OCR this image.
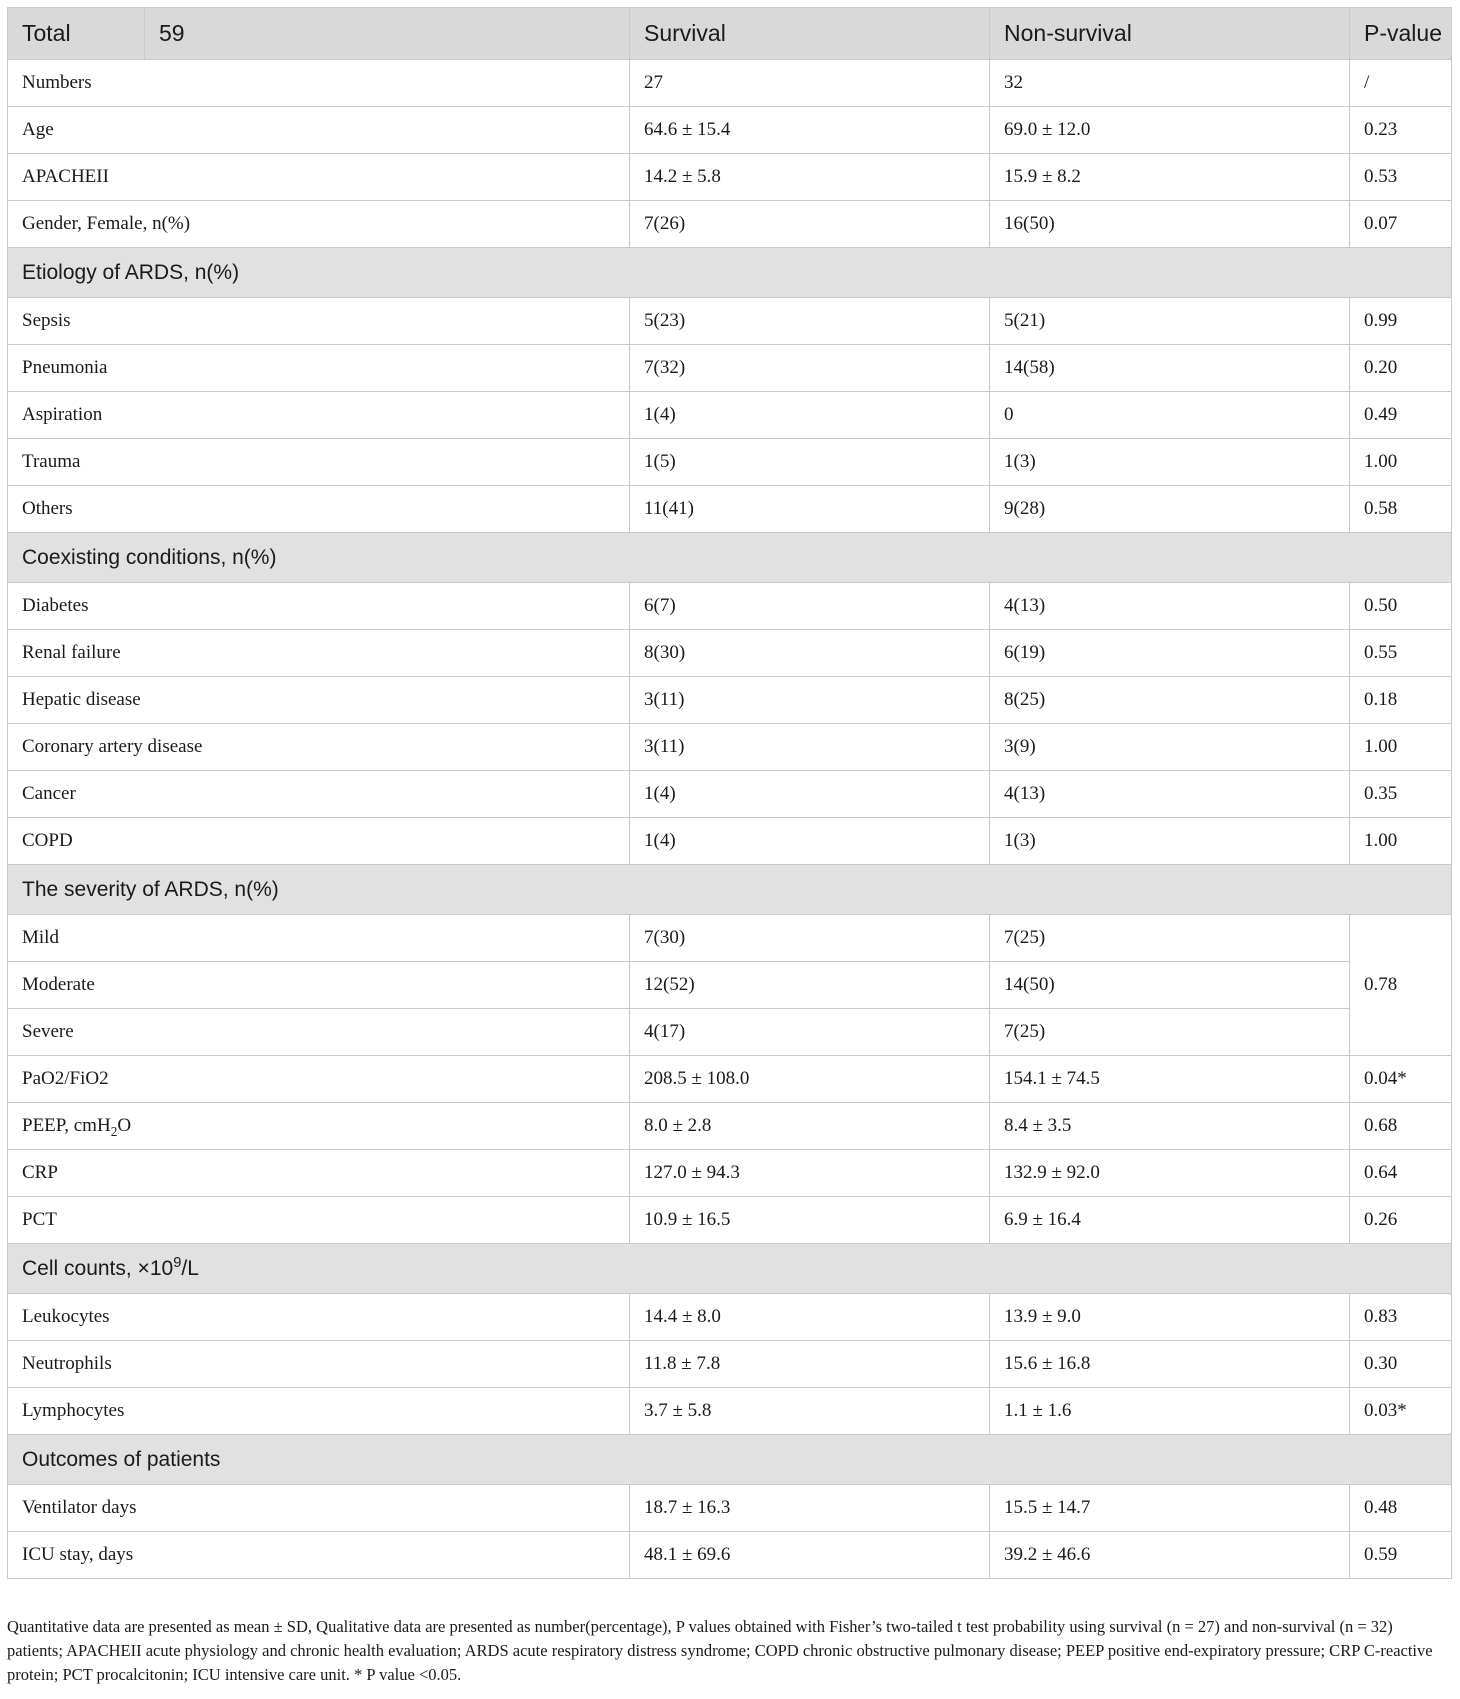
Total	59	Survival	Non-survival	P-value
Numbers		27	32	/
Age		64.6 ± 15.4	69.0 ± 12.0	0.23
APACHEII		14.2 ± 5.8	15.9 ± 8.2	0.53
Gender, Female, n(%)		7(26)	16(50)	0.07
Etiology of ARDS, n(%)				
Sepsis		5(23)	5(21)	0.99
Pneumonia		7(32)	14(58)	0.20
Aspiration		1(4)	0	0.49
Trauma		1(5)	1(3)	1.00
Others		11(41)	9(28)	0.58
Coexisting conditions, n(%)				
Diabetes		6(7)	4(13)	0.50
Renal failure		8(30)	6(19)	0.55
Hepatic disease		3(11)	8(25)	0.18
Coronary artery disease		3(11)	3(9)	1.00
Cancer		1(4)	4(13)	0.35
COPD		1(4)	1(3)	1.00
The severity of ARDS, n(%)				
Mild		7(30)	7(25)	0.78
Moderate		12(52)	14(50)	
Severe		4(17)	7(25)	
PaO2/FiO2		208.5 ± 108.0	154.1 ± 74.5	0.04*
PEEP, cmH$_2$O		8.0 ± 2.8	8.4 ± 3.5	0.68
CRP		127.0 ± 94.3	132.9 ± 92.0	0.64
PCT		10.9 ± 16.5	6.9 ± 16.4	0.26
Cell counts, $\times 10^9/L$				
Leukocytes		14.4 ± 8.0	13.9 ± 9.0	0.83
Neutrophils		11.8 ± 7.8	15.6 ± 16.8	0.30
Lymphocytes		3.7 ± 5.8	1.1 ± 1.6	0.03*
Outcomes of patients				
Ventilator days		18.7 ± 16.3	15.5 ± 14.7	0.48
ICU stay, days		48.1 ± 69.6	39.2 ± 46.6	0.59
Quantitative data are presented as mean ± SD, Qualitative data are presented as number(percentage), P values obtained with Fisher’s two-tailed t test probability using survival (n = 27) and non-survival (n = 32) patients; APACHEII acute physiology and chronic health evaluation; ARDS acute respiratory distress syndrome; COPD chronic obstructive pulmonary disease; PEEP positive end-expiratory pressure; CRP C-reactive protein; PCT procalcitonin; ICU intensive care unit. * P value <0.05.
